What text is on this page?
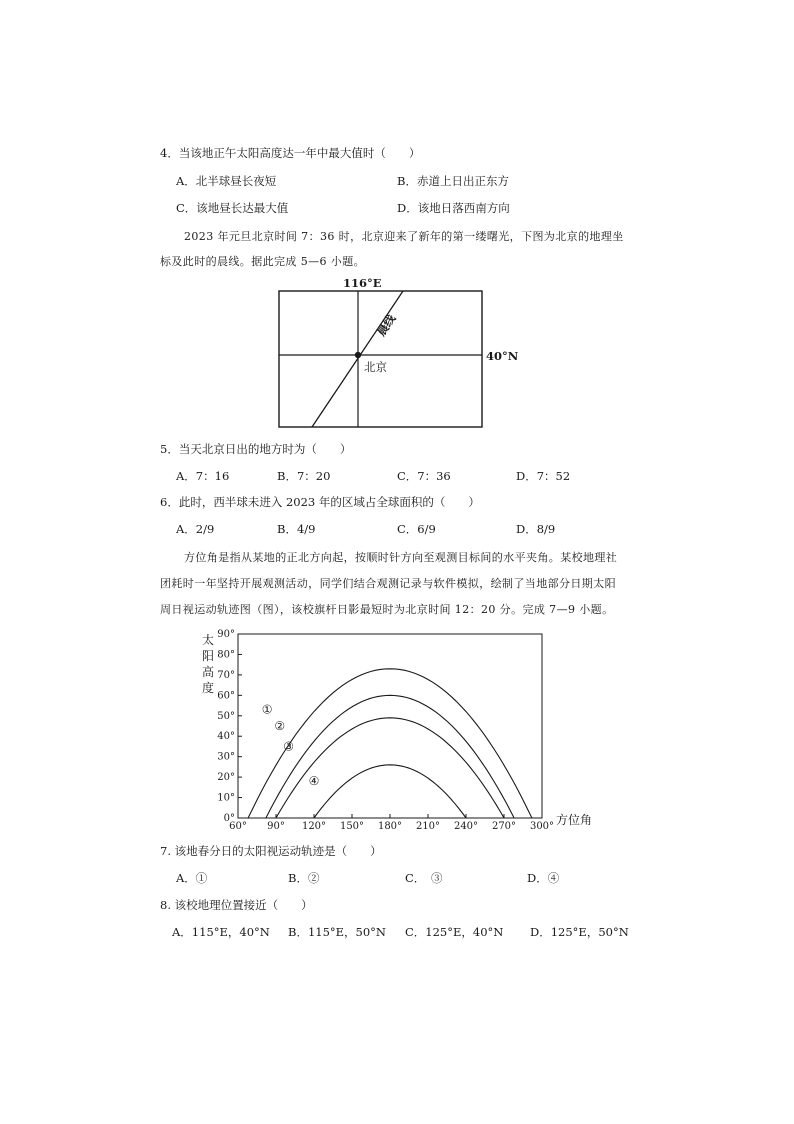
4．当该地正午太阳高度达一年中最大值时（　　）
A．北半球昼长夜短	B．赤道上日出正东方
C．该地昼长达最大值	D．该地日落西南方向
2023 年元旦北京时间 7：36 时，北京迎来了新年的第一缕曙光，下图为北京的地理坐
标及此时的晨线。据此完成 5—6 小题。
116°E
40°N
北京
晨线
5．当天北京日出的地方时为（　　）
A．7：16	B．7：20	C．7：36	D．7：52
6．此时，西半球未进入 2023 年的区域占全球面积的（　　）
A．2/9	B．4/9	C．6/9	D．8/9
方位角是指从某地的正北方向起，按顺时针方向至观测目标间的水平夹角。某校地理社
团耗时一年坚持开展观测活动，同学们结合观测记录与软件模拟，绘制了当地部分日期太阳
周日视运动轨迹图（图），该校旗杆日影最短时为北京时间 12：20 分。完成 7—9 小题。
0°
10°
20°
30°
40°
50°
60°
70°
80°
90°
60° 90° 120° 150° 180° 210° 240° 270° 300°
太
阳
高
度
方位角
①
②
③
④
7. 该地春分日的太阳视运动轨迹是（　　）
A．①	B．②	C．　③	D．④
8. 该校地理位置接近（　　）
A．115°E，40°N B．115°E，50°N C．125°E，40°N D．125°E，50°N
